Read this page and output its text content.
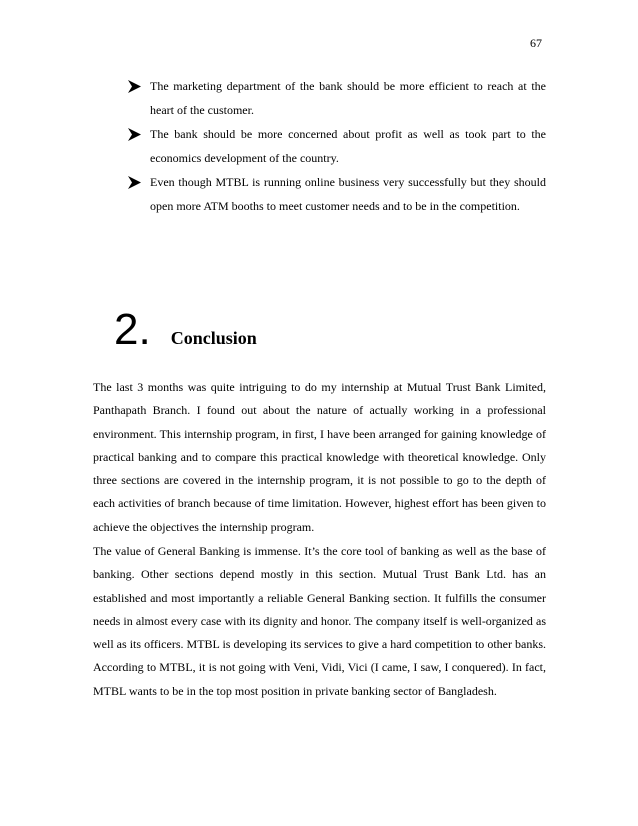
67
The marketing department of the bank should be more efficient to reach at the heart of the customer.
The bank should be more concerned about profit as well as took part to the economics development of the country.
Even though MTBL is running online business very successfully but they should open more ATM booths to meet customer needs and to be in the competition.
2. Conclusion

The last 3 months was quite intriguing to do my internship at Mutual Trust Bank Limited, Panthapath Branch. I found out about the nature of actually working in a professional environment. This internship program, in first, I have been arranged for gaining knowledge of practical banking and to compare this practical knowledge with theoretical knowledge. Only three sections are covered in the internship program, it is not possible to go to the depth of each activities of branch because of time limitation. However, highest effort has been given to achieve the objectives the internship program.

The value of General Banking is immense. It’s the core tool of banking as well as the base of banking. Other sections depend mostly in this section. Mutual Trust Bank Ltd. has an established and most importantly a reliable General Banking section. It fulfills the consumer needs in almost every case with its dignity and honor. The company itself is well-organized as well as its officers. MTBL is developing its services to give a hard competition to other banks. According to MTBL, it is not going with Veni, Vidi, Vici (I came, I saw, I conquered). In fact, MTBL wants to be in the top most position in private banking sector of Bangladesh.
